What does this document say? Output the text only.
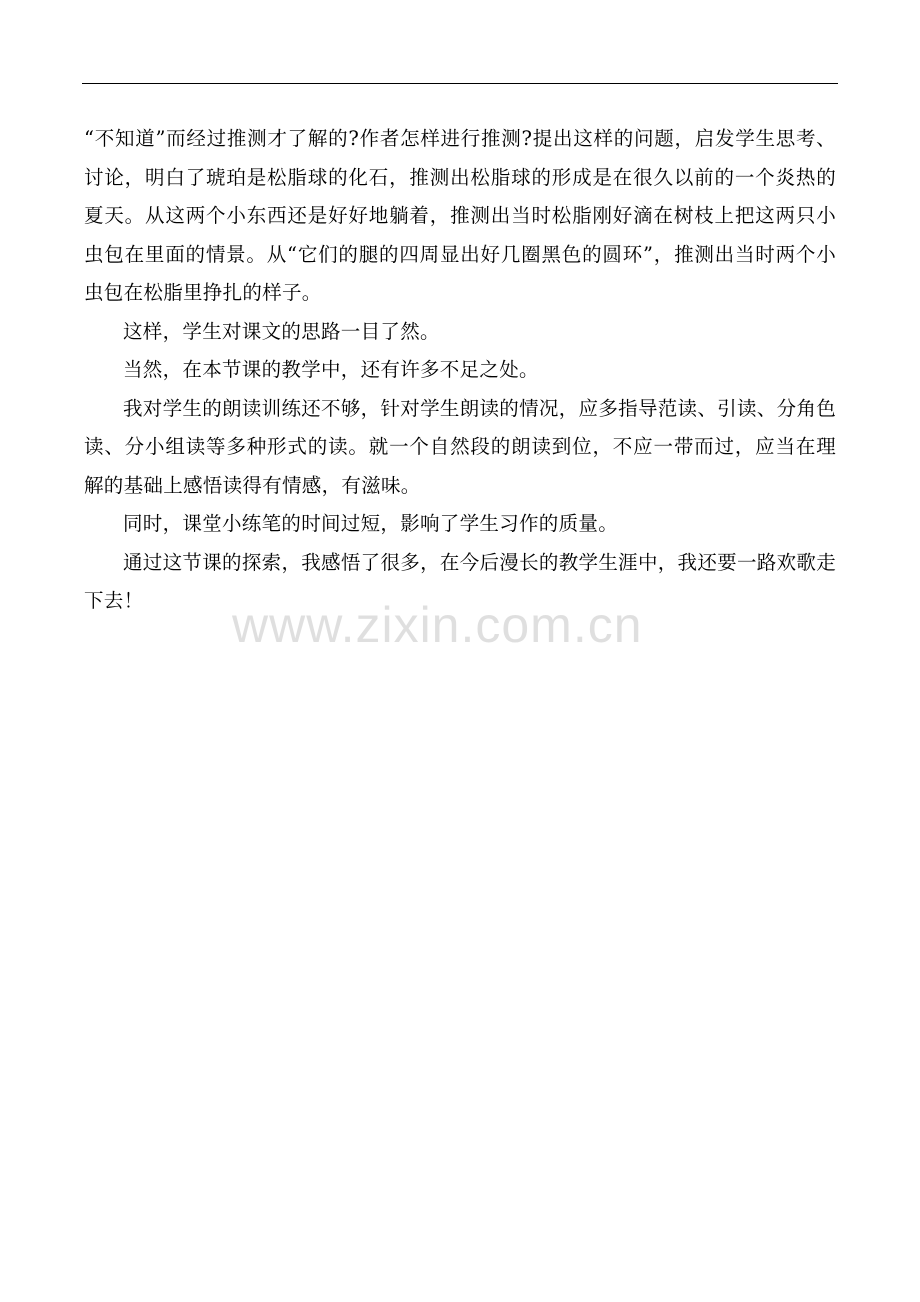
“不知道”而经过推测才了解的?作者怎样进行推测?提出这样的问题，启发学生思考、讨论，明白了琥珀是松脂球的化石，推测出松脂球的形成是在很久以前的一个炎热的夏天。从这两个小东西还是好好地躺着，推测出当时松脂刚好滴在树枝上把这两只小虫包在里面的情景。从“它们的腿的四周显出好几圈黑色的圆环”，推测出当时两个小虫包在松脂里挣扎的样子。

这样，学生对课文的思路一目了然。

当然，在本节课的教学中，还有许多不足之处。

我对学生的朗读训练还不够，针对学生朗读的情况，应多指导范读、引读、分角色读、分小组读等多种形式的读。就一个自然段的朗读到位，不应一带而过，应当在理解的基础上感悟读得有情感，有滋味。

同时，课堂小练笔的时间过短，影响了学生习作的质量。

通过这节课的探索，我感悟了很多，在今后漫长的教学生涯中，我还要一路欢歌走下去！	www.zixin.com.cn
